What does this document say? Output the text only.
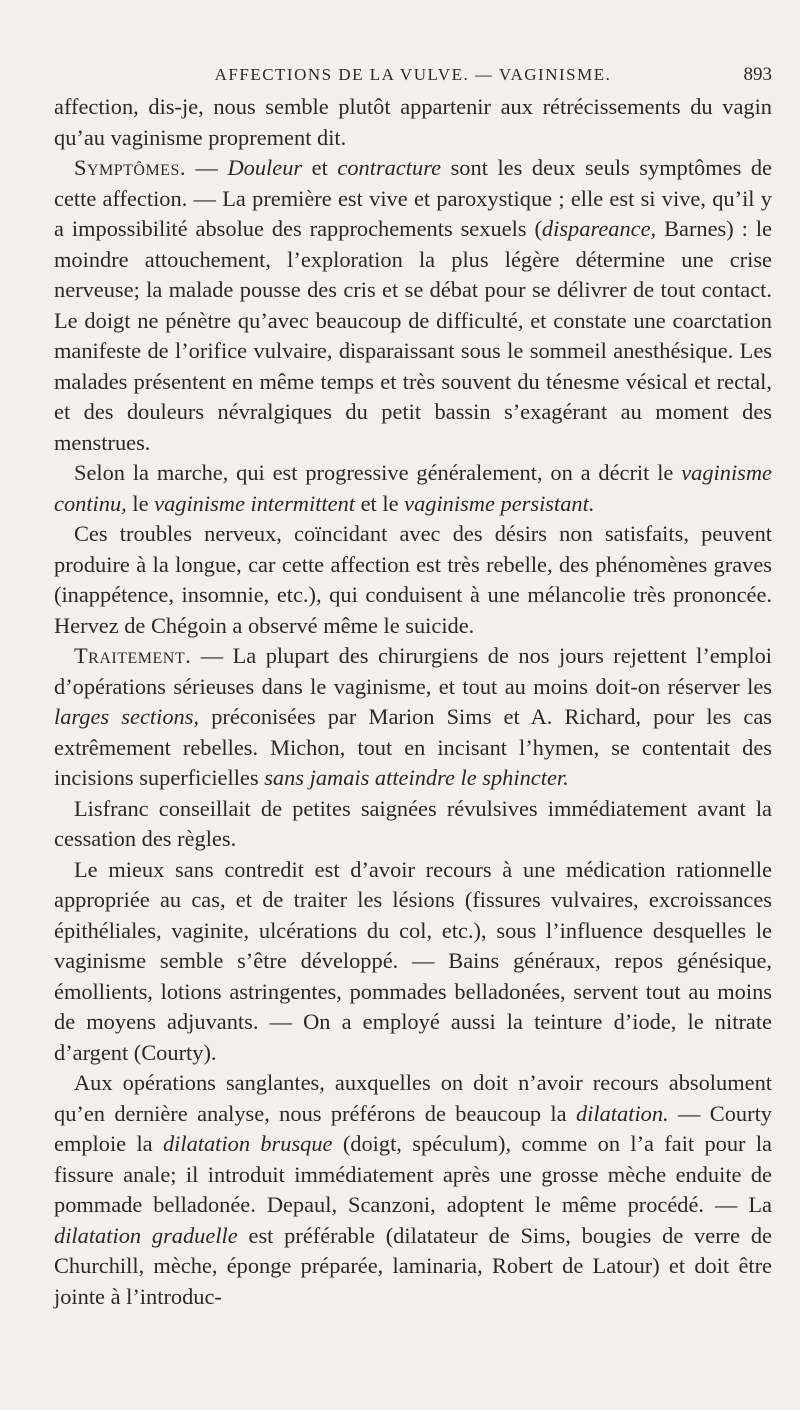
AFFECTIONS DE LA VULVE. — VAGINISME.	893

affection, dis-je, nous semble plutôt appartenir aux rétrécissements du vagin qu’au vaginisme proprement dit.

Symptômes. — Douleur et contracture sont les deux seuls symptômes de cette affection. — La première est vive et paroxystique ; elle est si vive, qu’il y a impossibilité absolue des rapprochements sexuels (dispareance, Barnes) : le moindre attouchement, l’exploration la plus légère détermine une crise nerveuse; la malade pousse des cris et se débat pour se délivrer de tout contact. Le doigt ne pénètre qu’avec beaucoup de difficulté, et constate une coarctation manifeste de l’orifice vulvaire, disparaissant sous le sommeil anesthésique. Les malades présentent en même temps et très souvent du ténesme vésical et rectal, et des douleurs névralgiques du petit bassin s’exagérant au moment des menstrues.

Selon la marche, qui est progressive généralement, on a décrit le vaginisme continu, le vaginisme intermittent et le vaginisme persistant.

Ces troubles nerveux, coïncidant avec des désirs non satisfaits, peuvent produire à la longue, car cette affection est très rebelle, des phénomènes graves (inappétence, insomnie, etc.), qui conduisent à une mélancolie très prononcée. Hervez de Chégoin a observé même le suicide.

Traitement. — La plupart des chirurgiens de nos jours rejettent l’emploi d’opérations sérieuses dans le vaginisme, et tout au moins doit-on réserver les larges sections, préconisées par Marion Sims et A. Richard, pour les cas extrêmement rebelles. Michon, tout en incisant l’hymen, se contentait des incisions superficielles sans jamais atteindre le sphincter.

Lisfranc conseillait de petites saignées révulsives immédiatement avant la cessation des règles.

Le mieux sans contredit est d’avoir recours à une médication rationnelle appropriée au cas, et de traiter les lésions (fissures vulvaires, excroissances épithéliales, vaginite, ulcérations du col, etc.), sous l’influence desquelles le vaginisme semble s’être développé. — Bains généraux, repos génésique, émollients, lotions astringentes, pommades belladonées, servent tout au moins de moyens adjuvants. — On a employé aussi la teinture d’iode, le nitrate d’argent (Courty).

Aux opérations sanglantes, auxquelles on doit n’avoir recours absolument qu’en dernière analyse, nous préférons de beaucoup la dilatation. — Courty emploie la dilatation brusque (doigt, spéculum), comme on l’a fait pour la fissure anale; il introduit immédiatement après une grosse mèche enduite de pommade belladonée. Depaul, Scanzoni, adoptent le même procédé. — La dilatation graduelle est préférable (dilatateur de Sims, bougies de verre de Churchill, mèche, éponge préparée, laminaria, Robert de Latour) et doit être jointe à l’introduc-
